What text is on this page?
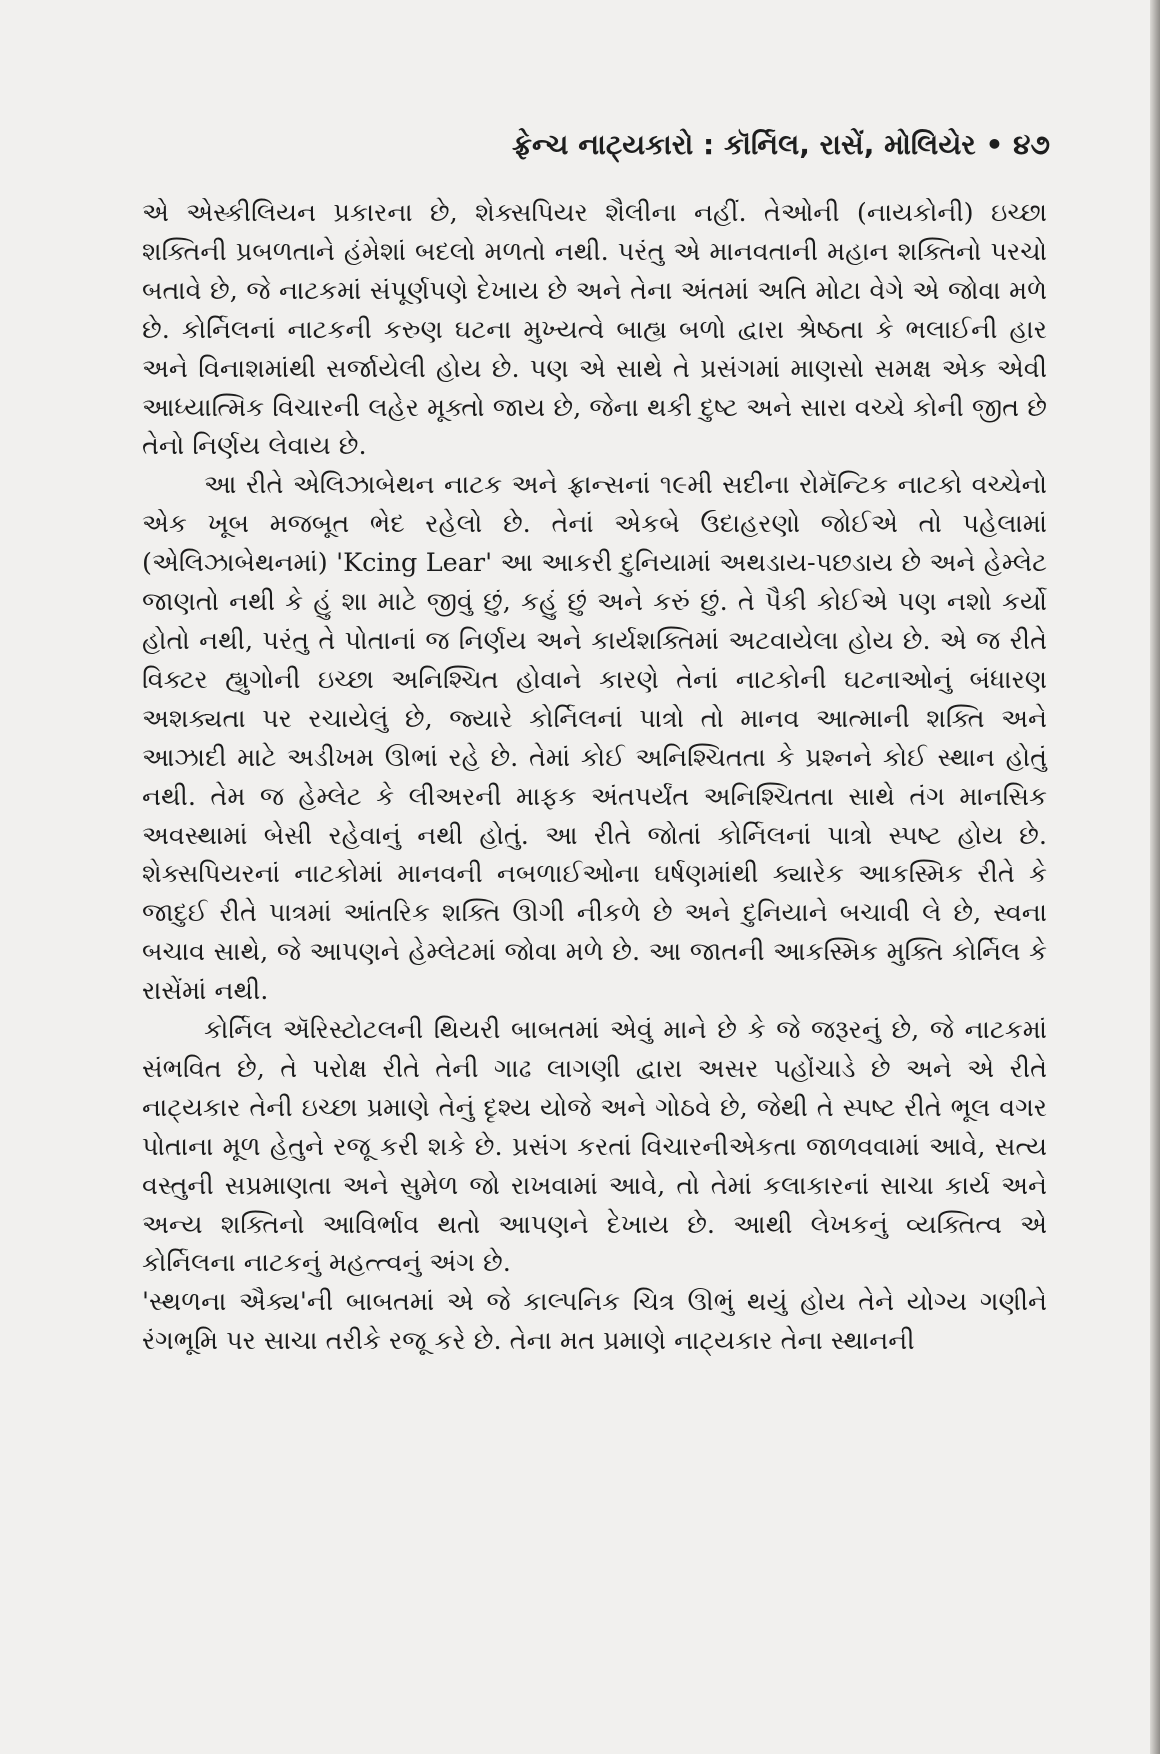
ફ્રેન્ચ નાટ્યકારો : કૉર્નિલ, રાસેં, મોલિયેર • ૪૭

એ એસ્કીલિયન પ્રકારના છે, શેક્સપિયર શૈલીના નહીં. તેઓની (નાયકોની) ઇચ્છા શક્તિની પ્રબળતાને હંમેશાં બદલો મળતો નથી. પરંતુ એ માનવતાની મહાન શક્તિનો પરચો બતાવે છે, જે નાટકમાં સંપૂર્ણપણે દેખાય છે અને તેના અંતમાં અતિ મોટા વેગે એ જોવા મળે છે. કોર્નિલનાં નાટકની કરુણ ઘટના મુખ્યત્વે બાહ્ય બળો દ્વારા શ્રેષ્ઠતા કે ભલાઈની હાર અને વિનાશમાંથી સર્જાયેલી હોય છે. પણ એ સાથે તે પ્રસંગમાં માણસો સમક્ષ એક એવી આધ્યાત્મિક વિચારની લહેર મૂક્તો જાય છે, જેના થકી દુષ્ટ અને સારા વચ્ચે કોની જીત છે તેનો નિર્ણય લેવાય છે.

આ રીતે એલિઝાબેથન નાટક અને ફ્રાન્સનાં ૧૯મી સદીના રોમૅન્ટિક નાટકો વચ્ચેનો એક ખૂબ મજબૂત ભેદ રહેલો છે. તેનાં એકબે ઉદાહરણો જોઈએ તો પહેલામાં (એલિઝાબેથનમાં) 'Kcing Lear' આ આકરી દુનિયામાં અથડાય-પછડાય છે અને હેમ્લેટ જાણતો નથી કે હું શા માટે જીવું છું, કહું છું અને કરું છું. તે પૈકી કોઈએ પણ નશો કર્યો હોતો નથી, પરંતુ તે પોતાનાં જ નિર્ણય અને કાર્યશક્તિમાં અટવાયેલા હોય છે. એ જ રીતે વિક્ટર હ્યુગોની ઇચ્છા અનિશ્ચિત હોવાને કારણે તેનાં નાટકોની ઘટનાઓનું બંધારણ અશક્યતા પર રચાયેલું છે, જ્યારે કોર્નિલનાં પાત્રો તો માનવ આત્માની શક્તિ અને આઝાદી માટે અડીખમ ઊભાં રહે છે. તેમાં કોઈ અનિશ્ચિતતા કે પ્રશ્નને કોઈ સ્થાન હોતું નથી. તેમ જ હેમ્લેટ કે લીઅરની માફક અંતપર્યંત અનિશ્ચિતતા સાથે તંગ માનસિક અવસ્થામાં બેસી રહેવાનું નથી હોતું. આ રીતે જોતાં કોર્નિલનાં પાત્રો સ્પષ્ટ હોય છે. શેક્સપિયરનાં નાટકોમાં માનવની નબળાઈઓના ઘર્ષણમાંથી ક્યારેક આકસ્મિક રીતે કે જાદુઈ રીતે પાત્રમાં આંતરિક શક્તિ ઊગી નીકળે છે અને દુનિયાને બચાવી લે છે, સ્વના બચાવ સાથે, જે આપણને હેમ્લેટમાં જોવા મળે છે. આ જાતની આકસ્મિક મુક્તિ કોર્નિલ કે રાસેંમાં નથી.

કોર્નિલ ઍરિસ્ટોટલની થિયરી બાબતમાં એવું માને છે કે જે જરૂરનું છે, જે નાટકમાં સંભવિત છે, તે પરોક્ષ રીતે તેની ગાઢ લાગણી દ્વારા અસર પહોંચાડે છે અને એ રીતે નાટ્યકાર તેની ઇચ્છા પ્રમાણે તેનું દૃશ્ય યોજે અને ગોઠવે છે, જેથી તે સ્પષ્ટ રીતે ભૂલ વગર પોતાના મૂળ હેતુને રજૂ કરી શકે છે. પ્રસંગ કરતાં વિચારનીએકતા જાળવવામાં આવે, સત્ય વસ્તુની સપ્રમાણતા અને સુમેળ જો રાખવામાં આવે, તો તેમાં કલાકારનાં સાચા કાર્ય અને અન્ય શક્તિનો આવિર્ભાવ થતો આપણને દેખાય છે. આથી લેખકનું વ્યક્તિત્વ એ કોર્નિલના નાટકનું મહત્ત્વનું અંગ છે.

'સ્થળના ઐક્ય'ની બાબતમાં એ જે કાલ્પનિક ચિત્ર ઊભું થયું હોય તેને યોગ્ય ગણીને રંગભૂમિ પર સાચા તરીકે રજૂ કરે છે. તેના મત પ્રમાણે નાટ્યકાર તેના સ્થાનની
